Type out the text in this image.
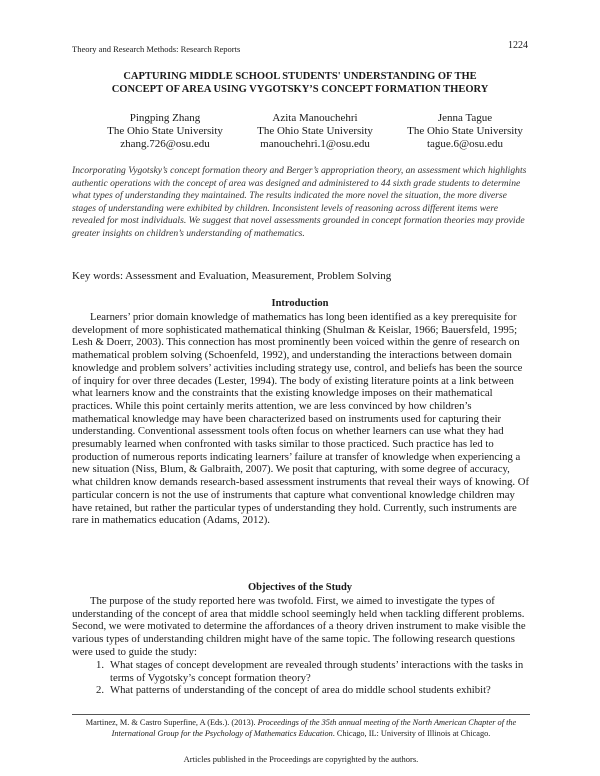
Theory and Research Methods: Research Reports	1224
CAPTURING MIDDLE SCHOOL STUDENTS' UNDERSTANDING OF THE
CONCEPT OF AREA USING VYGOTSKY’S CONCEPT FORMATION THEORY
Pingping Zhang
The Ohio State University
zhang.726@osu.edu
Azita Manouchehri
The Ohio State University
manouchehri.1@osu.edu
Jenna Tague
The Ohio State University
tague.6@osu.edu
Incorporating Vygotsky’s concept formation theory and Berger’s appropriation theory, an assessment which highlights authentic operations with the concept of area was designed and administered to 44 sixth grade students to determine what types of understanding they maintained. The results indicated the more novel the situation, the more diverse stages of understanding were exhibited by children. Inconsistent levels of reasoning across different items were revealed for most individuals. We suggest that novel assessments grounded in concept formation theories may provide greater insights on children’s understanding of mathematics.
Key words: Assessment and Evaluation, Measurement, Problem Solving
Introduction
Learners’ prior domain knowledge of mathematics has long been identified as a key prerequisite for development of more sophisticated mathematical thinking (Shulman & Keislar, 1966; Bauersfeld, 1995; Lesh & Doerr, 2003). This connection has most prominently been voiced within the genre of research on mathematical problem solving (Schoenfeld, 1992), and understanding the interactions between domain knowledge and problem solvers’ activities including strategy use, control, and beliefs has been the source of inquiry for over three decades (Lester, 1994). The body of existing literature points at a link between what learners know and the constraints that the existing knowledge imposes on their mathematical practices. While this point certainly merits attention, we are less convinced by how children’s mathematical knowledge may have been characterized based on instruments used for capturing their understanding. Conventional assessment tools often focus on whether learners can use what they had presumably learned when confronted with tasks similar to those practiced. Such practice has led to production of numerous reports indicating learners’ failure at transfer of knowledge when experiencing a new situation (Niss, Blum, & Galbraith, 2007). We posit that capturing, with some degree of accuracy, what children know demands research-based assessment instruments that reveal their ways of knowing. Of particular concern is not the use of instruments that capture what conventional knowledge children may have retained, but rather the particular types of understanding they hold. Currently, such instruments are rare in mathematics education (Adams, 2012).
Objectives of the Study
The purpose of the study reported here was twofold. First, we aimed to investigate the types of understanding of the concept of area that middle school seemingly held when tackling different problems. Second, we were motivated to determine the affordances of a theory driven instrument to make visible the various types of understanding children might have of the same topic. The following research questions were used to guide the study:
1. What stages of concept development are revealed through students’ interactions with the tasks in terms of Vygotsky’s concept formation theory?
2. What patterns of understanding of the concept of area do middle school students exhibit?
Martinez, M. & Castro Superfine, A (Eds.). (2013). Proceedings of the 35th annual meeting of the North American Chapter of the International Group for the Psychology of Mathematics Education. Chicago, IL: University of Illinois at Chicago.
Articles published in the Proceedings are copyrighted by the authors.
